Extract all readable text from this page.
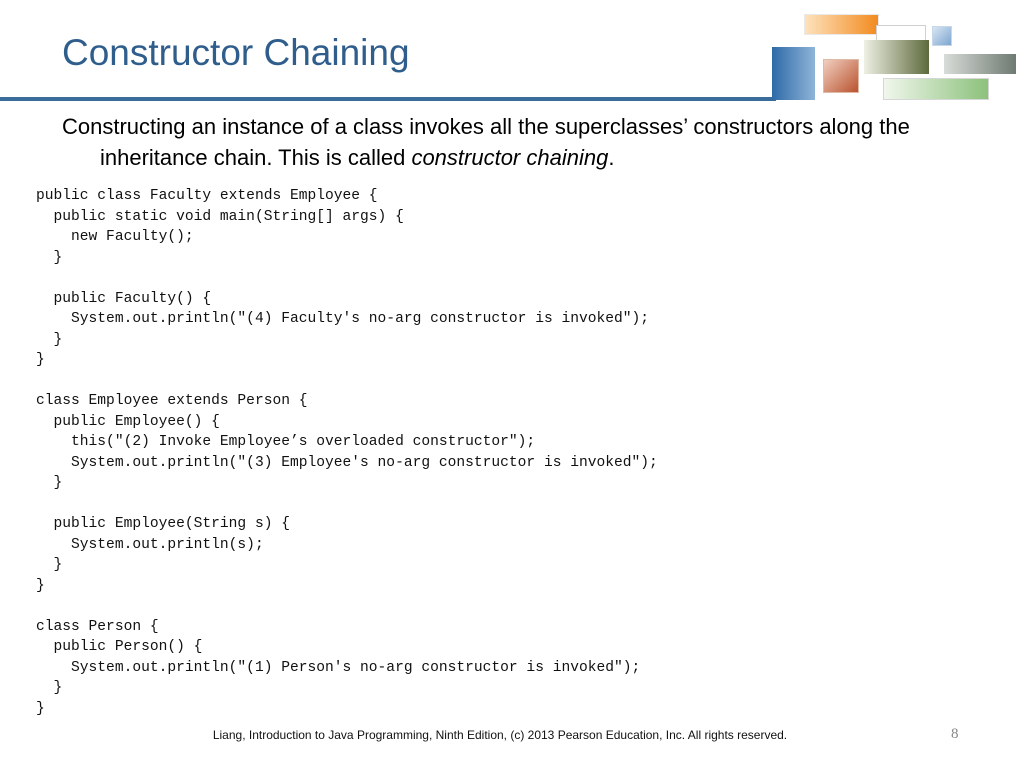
Constructor Chaining
Constructing an instance of a class invokes all the superclasses’ constructors along the inheritance chain. This is called constructor chaining.
public class Faculty extends Employee {
public static void main(String[] args) {
new Faculty();
}
public Faculty() {
System.out.println("(4) Faculty's no-arg constructor is invoked");
}
}
class Employee extends Person {
public Employee() {
this("(2) Invoke Employee’s overloaded constructor");
System.out.println("(3) Employee's no-arg constructor is invoked");
}
public Employee(String s) {
System.out.println(s);
}
}
class Person {
public Person() {
System.out.println("(1) Person's no-arg constructor is invoked");
}
}
Liang, Introduction to Java Programming, Ninth Edition, (c) 2013 Pearson Education, Inc. All rights reserved.	8
